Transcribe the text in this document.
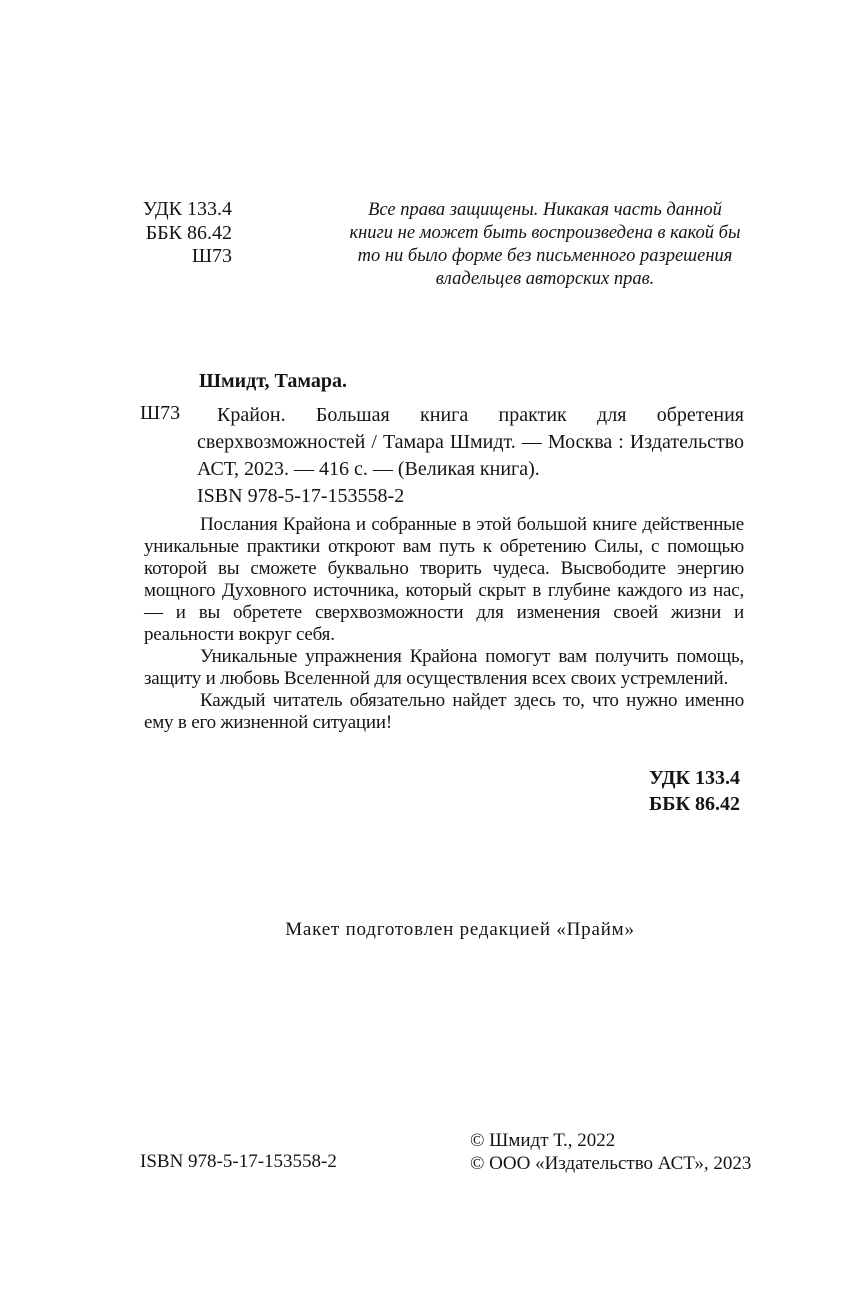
УДК 133.4
ББК 86.42
Ш73
Все права защищены. Никакая часть данной
книги не может быть воспроизведена в какой бы
то ни было форме без письменного разрешения
владельцев авторских прав.
Шмидт, Тамара.
Ш73	Крайон. Большая книга практик для обретения сверхвозможностей / Тамара Шмидт. — Москва : Издательство АСТ, 2023. — 416 с. — (Великая книга).

ISBN 978-5-17-153558-2

Послания Крайона и собранные в этой большой книге действенные уникальные практики откроют вам путь к обретению Силы, с помощью которой вы сможете буквально творить чудеса. Высвободите энергию мощного Духовного источника, который скрыт в глубине каждого из нас, — и вы обретете сверхвозможности для изменения своей жизни и реальности вокруг себя.

Уникальные упражнения Крайона помогут вам получить помощь, защиту и любовь Вселенной для осуществления всех своих устремлений.

Каждый читатель обязательно найдет здесь то, что нужно именно ему в его жизненной ситуации!

УДК 133.4
ББК 86.42
Макет подготовлен редакцией «Прайм»
ISBN 978-5-17-153558-2
© Шмидт Т., 2022
© ООО «Издательство АСТ», 2023
